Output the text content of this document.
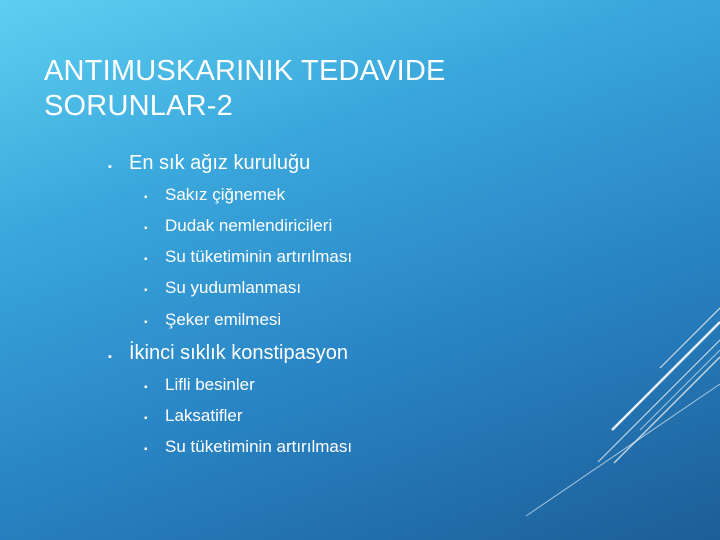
ANTIMUSKARINIK TEDAVIDE
SORUNLAR-2
▪ En sık ağız kuruluğu
▪ Sakız çiğnemek
▪ Dudak nemlendiricileri
▪ Su tüketiminin artırılması
▪ Su yudumlanması
▪ Şeker emilmesi
▪ İkinci sıklık konstipasyon
▪ Lifli besinler
▪ Laksatifler
▪ Su tüketiminin artırılması
